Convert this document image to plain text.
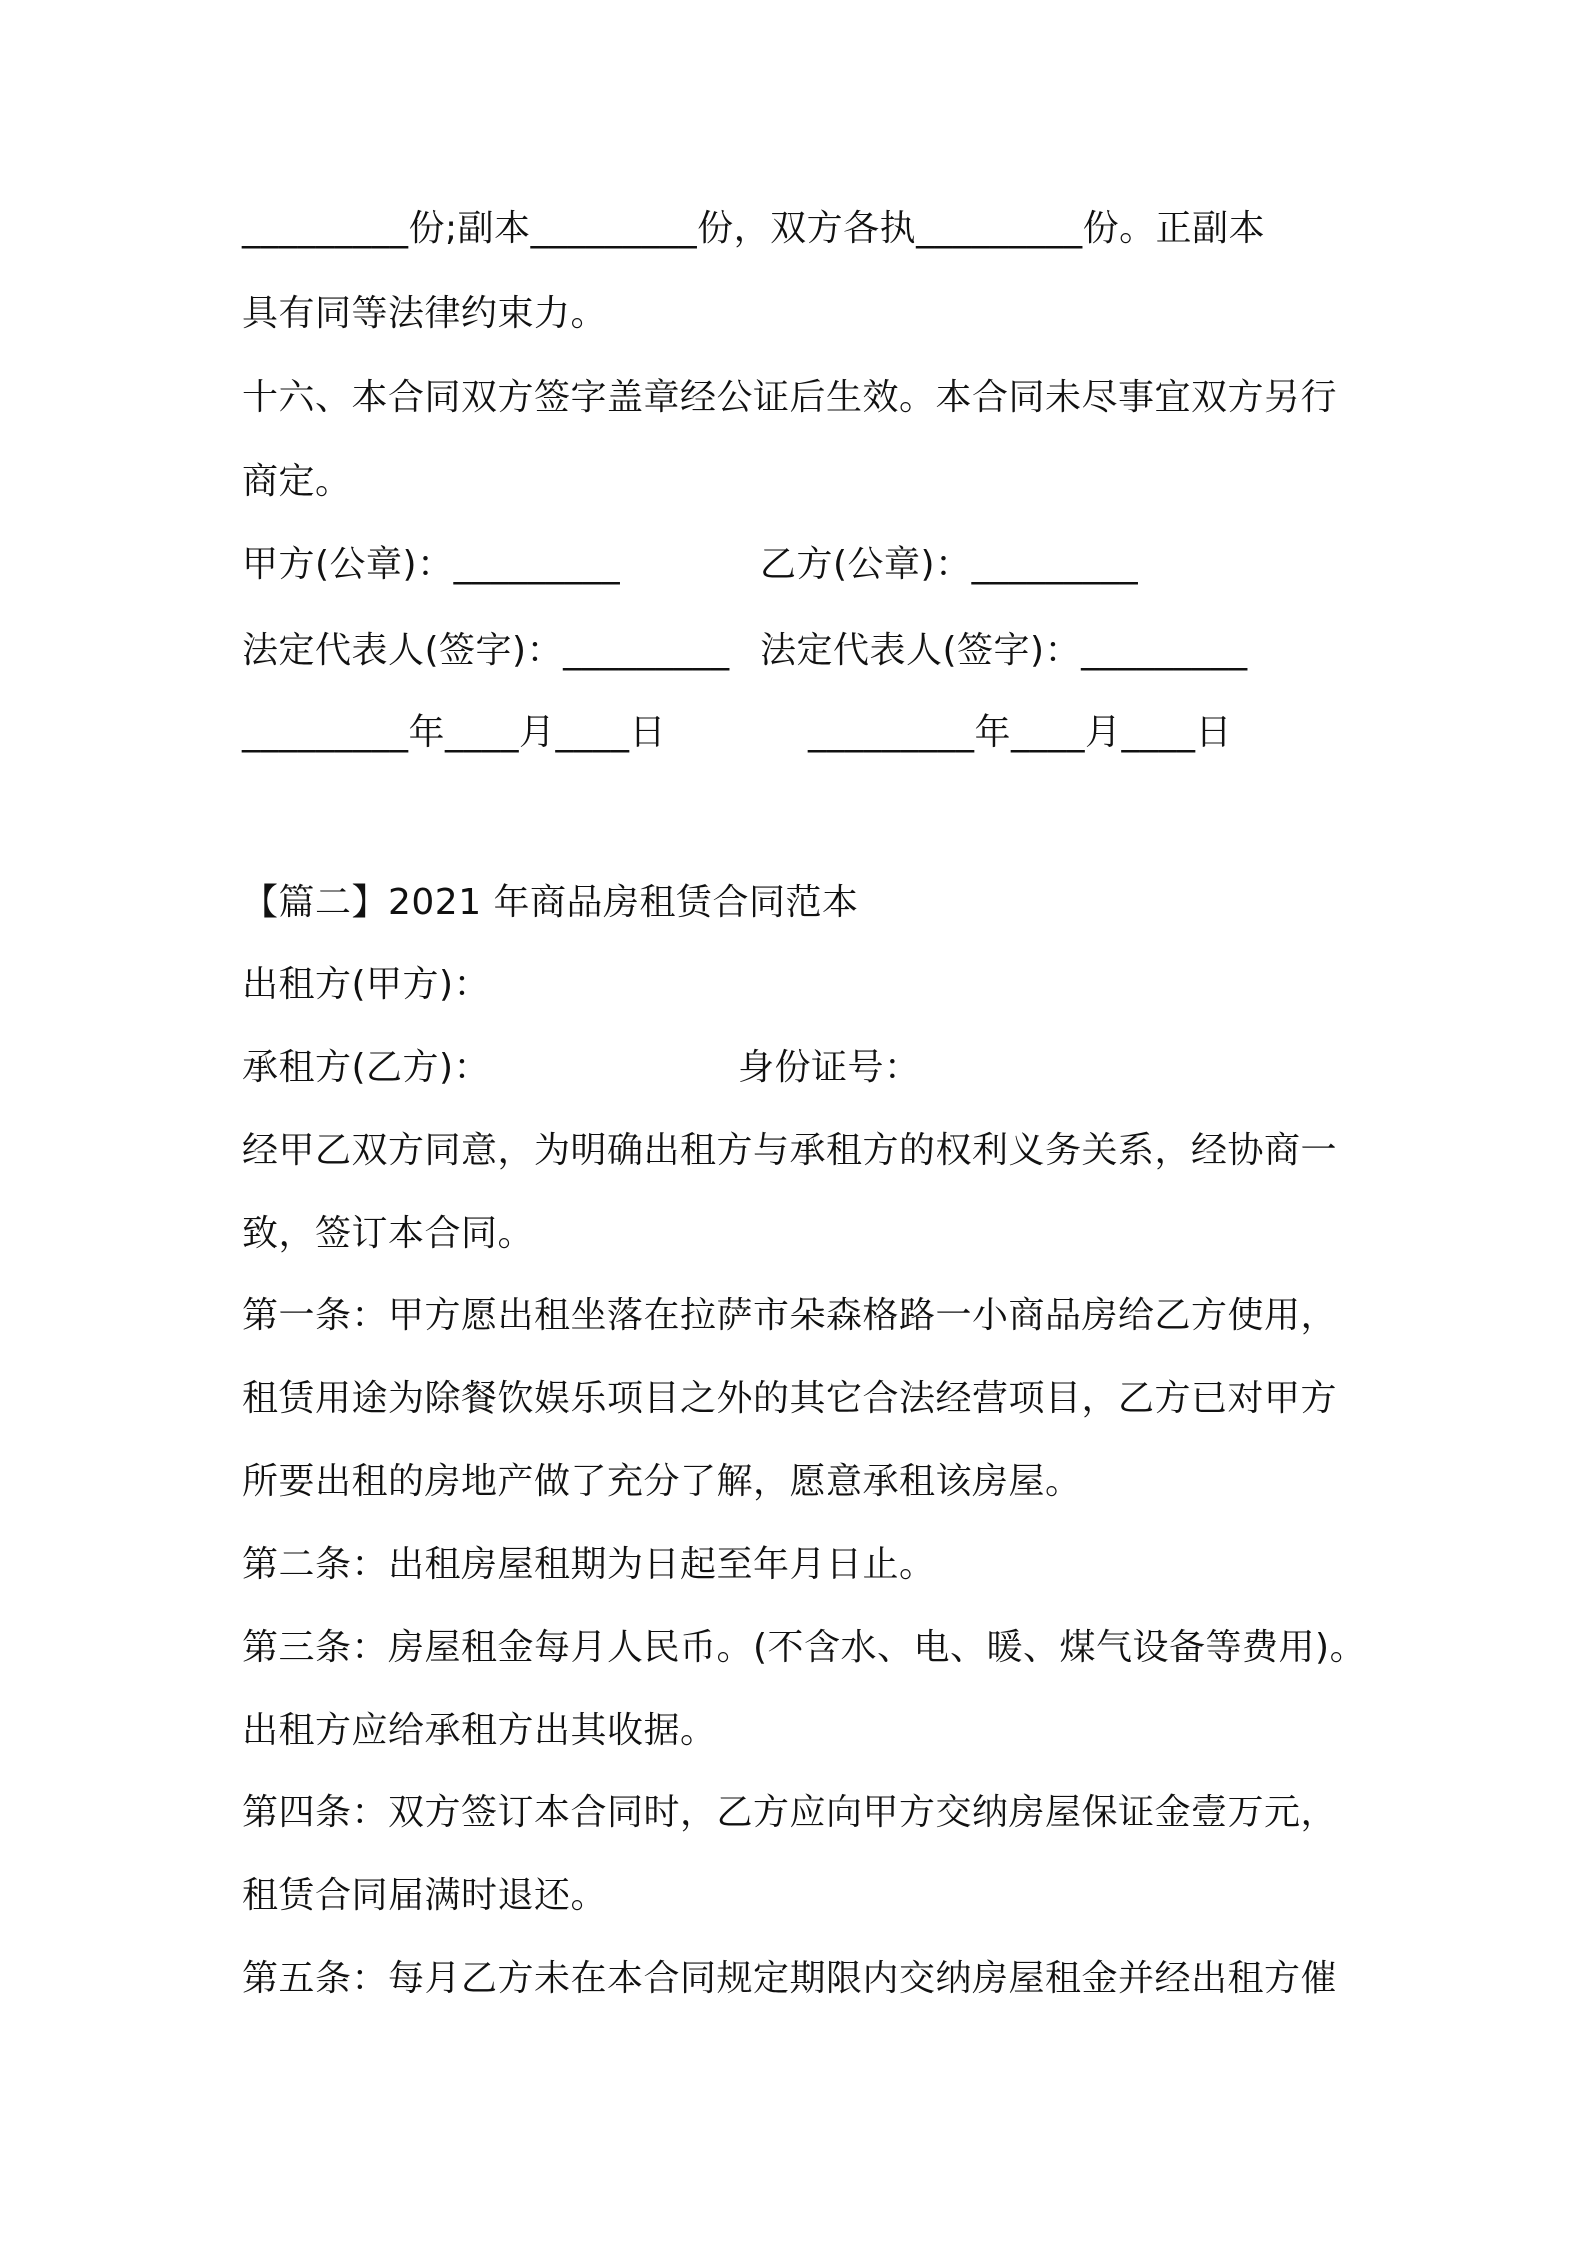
_________份;副本_________份，双方各执_________份。正副本
具有同等法律约束力。
十六、本合同双方签字盖章经公证后生效。本合同未尽事宜双方另行
商定。
甲方(公章)：_________	乙方(公章)：_________
法定代表人(签字)：_________ 法定代表人(签字)：_________
_________年____月____日	_________年____月____日
【篇二】2021 年商品房租赁合同范本
出租方(甲方)：
承租方(乙方)：	身份证号：
经甲乙双方同意，为明确出租方与承租方的权利义务关系，经协商一
致，签订本合同。
第一条：甲方愿出租坐落在拉萨市朵森格路一小商品房给乙方使用，
租赁用途为除餐饮娱乐项目之外的其它合法经营项目，乙方已对甲方
所要出租的房地产做了充分了解，愿意承租该房屋。
第二条：出租房屋租期为日起至年月日止。
第三条：房屋租金每月人民币。(不含水、电、暖、煤气设备等费用)。
出租方应给承租方出其收据。
第四条：双方签订本合同时，乙方应向甲方交纳房屋保证金壹万元，
租赁合同届满时退还。
第五条：每月乙方未在本合同规定期限内交纳房屋租金并经出租方催
